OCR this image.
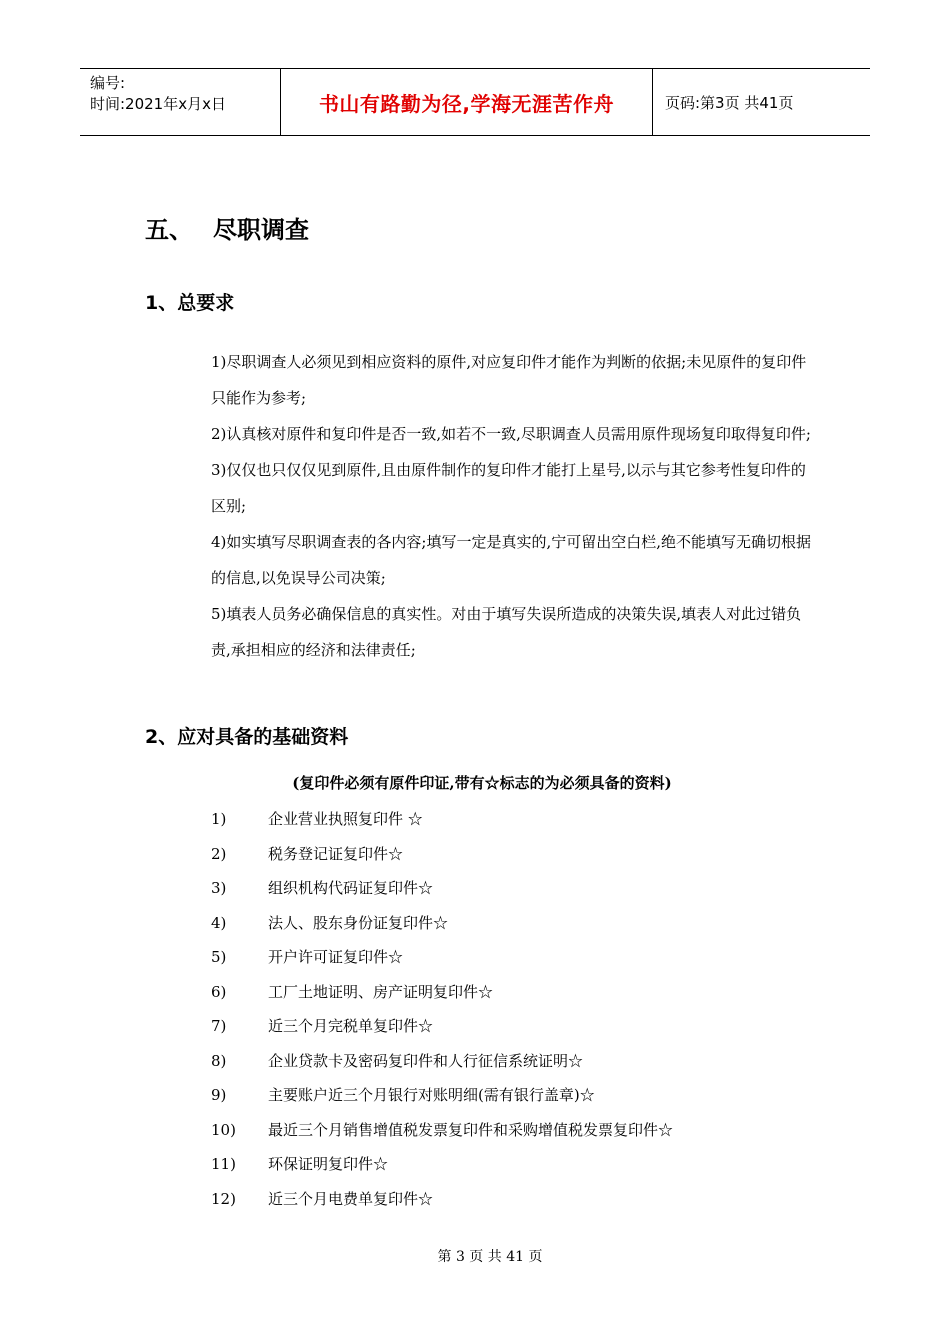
编号:
时间:2021年x月x日	书山有路勤为径,学海无涯苦作舟	页码:第3页 共41页
五、 尽职调查
1、总要求
1)尽职调查人必须见到相应资料的原件,对应复印件才能作为判断的依据;未见原件的复印件只能作为参考;
2)认真核对原件和复印件是否一致,如若不一致,尽职调查人员需用原件现场复印取得复印件;
3)仅仅也只仅仅见到原件,且由原件制作的复印件才能打上星号,以示与其它参考性复印件的区别;
4)如实填写尽职调查表的各内容;填写一定是真实的,宁可留出空白栏,绝不能填写无确切根据的信息,以免误导公司决策;
5)填表人员务必确保信息的真实性。对由于填写失误所造成的决策失误,填表人对此过错负责,承担相应的经济和法律责任;
2、应对具备的基础资料
(复印件必须有原件印证,带有☆标志的为必须具备的资料)
1)	企业营业执照复印件 ☆
2)	税务登记证复印件☆
3)	组织机构代码证复印件☆
4)	法人、股东身份证复印件☆
5)	开户许可证复印件☆
6)	工厂土地证明、房产证明复印件☆
7)	近三个月完税单复印件☆
8)	企业贷款卡及密码复印件和人行征信系统证明☆
9)	主要账户近三个月银行对账明细(需有银行盖章)☆
10) 最近三个月销售增值税发票复印件和采购增值税发票复印件☆
11) 环保证明复印件☆
12) 近三个月电费单复印件☆
第 3 页 共 41 页
